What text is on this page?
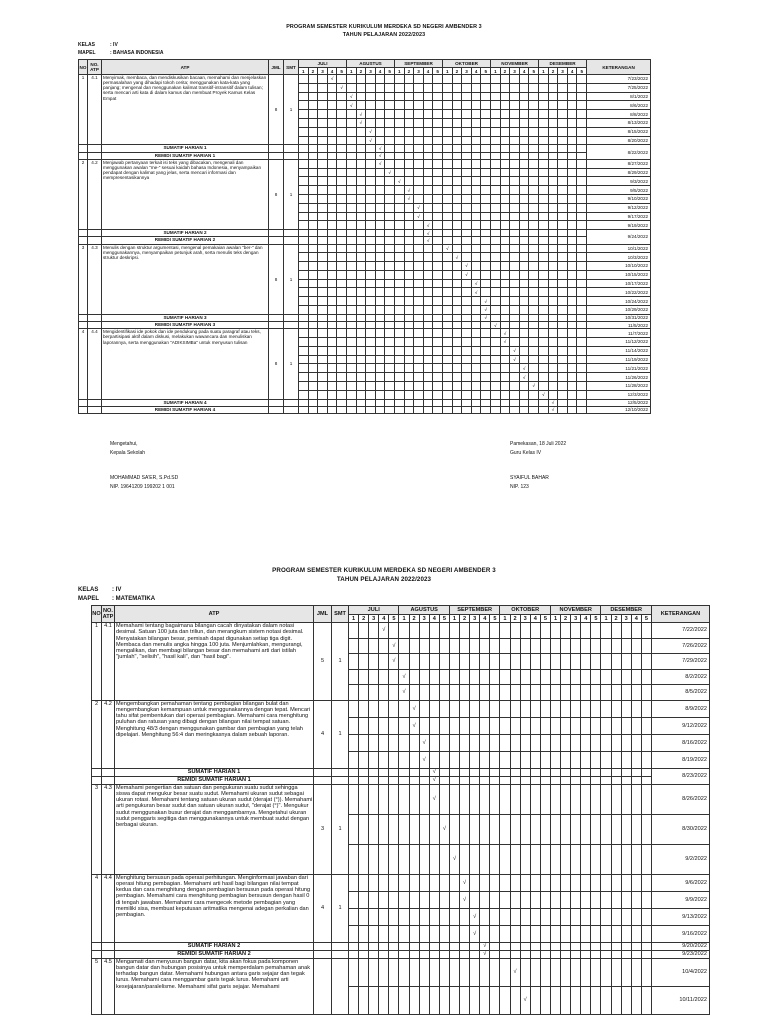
PROGRAM SEMESTER KURIKULUM MERDEKA SD NEGERI AMBENDER 3
TAHUN PELAJARAN 2022/2023
KELAS	: IV
MAPEL	: BAHASA INDONESIA
NO	NO. ATP	ATP	JML	SMT	JULI					AGUSTUS					SEPTEMBER					OKTOBER					NOVEMBER					DESEMBER					KETERANGAN
					1	2	3	4	5	1	2	3	4	5	1	2	3	4	5	1	2	3	4	5	1	2	3	4	5	1	2	3	4	5	
1	4.1	Menyimak, membaca, dan mendiskusikan bacaan, memahami dan menjelaskan permasalahan yang dihadapi tokoh cerita; menggunakan kata-kata yang panjang; mengenal dan menggunakan kalimat transitif-intransitif dalam tulisan; serta mencari arti kata di dalam kamus dan membuat Proyek Kamus Kelas Empat	8	1				√																											7/23/2022
									√																										7/25/2022
										√																									8/1/2022
										√																									8/6/2022
											√																								8/8/2022
											√																								8/13/2022
												√																							8/15/2022
												√																							8/20/2022
		SUMATIF HARIAN 1											√																						8/22/2022
		REMIDI SUMATIF HARIAN 1											√																						
2	4.2	Menjawab pertanyaan terkait isi teks yang dibacakan, mengenali dan menggunakan awalan "me-" sesuai kaidah bahasa Indonesia, menyampaikan pendapat dengan kalimat yang jelas, serta mencari informasi dan mempresentasikannya	8	1									√																						8/27/2022
														√																					8/29/2022
															√																				9/3/2022
																√																			9/5/2022
																√																			9/10/2022
																	√																		9/12/2022
																	√																		9/17/2022
																		√																	9/19/2022
		SUMATIF HARIAN 2																√																	9/24/2022
		REMIDI SUMATIF HARIAN 2																√																	
3	4.3	Menulis dengan struktur argumentasi, mengenal pemakaian awalan "ber-" dan menggunakannya, menyampaikan petunjuk arah, serta menulis teks dengan struktur deskripsi.	8	1																√															10/1/2022
																					√														10/3/2022
																						√													10/10/2022
																						√													10/15/2022
																							√												10/17/2022
																							√												10/22/2022
																								√											10/24/2022
																								√											10/29/2022
		SUMATIF HARIAN 3																						√											10/31/2022
		REMIDI SUMATIF HARIAN 3																							√										11/5/2022
4	4.4	Mengidentifikasi ide pokok dan ide pendukung pada suatu paragraf atau teks, berpartisipasi aktif dalam diskusi, melakukan wawancara dan menuliskan laporannya, serta menggunakan "ADIKSIMBa" untuk menyusun tulisan	8	1																						√									11/7/2022
																										√									11/12/2022
																											√								11/14/2022
																											√								11/19/2022
																												√							11/21/2022
																												√							11/26/2022
																													√						11/28/2022
																														√					12/3/2022
		SUMATIF HARIAN 4																													√				12/5/2022
		REMIDI SUMATIF HARIAN 4																													√				12/10/2022
Mengetahui,
Kepala Sekolah

MOHAMMAD SA'ER, S.Pd.SD
NIP. 19641209 199202 1 001
Pamekasan, 18 Juli 2022
Guru Kelas IV

SYAIFUL BAHAR
NIP. 123
PROGRAM SEMESTER KURIKULUM MERDEKA SD NEGERI AMBENDER 3
TAHUN PELAJARAN 2022/2023
KELAS : IV
MAPEL : MATEMATIKA
NO	NO. ATP	ATP	JML	SMT	JULI					AGUSTUS					SEPTEMBER					OKTOBER					NOVEMBER					DESEMBER					KETERANGAN
					1	2	3	4	5	1	2	3	4	5	1	2	3	4	5	1	2	3	4	5	1	2	3	4	5	1	2	3	4	5	
1	4.1	Memahami tentang bagaimana bilangan cacah dinyatakan dalam notasi desimal. Satuan 100 juta dan triliun, dan merangkum sistem notasi desimal. Menyatakan bilangan besar, pemisah dapat digunakan setiap tiga digit. Membaca dan menulis angka hingga 100 juta. Menjumlahkan, mengurangi, mengalikan, dan membagi bilangan besar dan memahami arti dari istilah "jumlah", "selisih", "hasil kali", dan "hasil bagi".	5	1				√																											7/22/2022
									√																										7/26/2022
									√																										7/29/2022
										√																									8/2/2022
										√																									8/5/2022
2	4.2	Mengembangkan pemahaman tentang pembagian bilangan bulat dan mengembangkan kemampuan untuk menggunakannya dengan tepat. Mencari tahu sifat pembentukan dari operasi pembagian. Memahami cara menghitung puluhan dan ratusan yang dibagi dengan bilangan nilai tempat satuan. Menghitung 48/3 dengan menggunakan gambar dan pembagian yang telah dipelajari. Menghitung 56:4 dan meringkasnya dalam sebuah laporan.	4	1							√																								8/9/2022
											√																								9/12/2022
												√																							8/16/2022
												√																							8/19/2022
		SUMATIF HARIAN 1											√																						8/23/2022
		REMIDI SUMATIF HARIAN 1											√																						
3	4.3	Memahami pengertian dan satuan dan pengukuran suatu sudut sehingga siswa dapat mengukur besar suatu sudut. Memahami ukuran sudut sebagai ukuran rotasi. Memahami tentang satuan ukuran sudut (derajat (°)). Memahami arti pengukuran besar sudut dan satuan ukuran sudut, "derajat (°)". Mengukur sudut menggunakan busur derajat dan menggambarnya. Mengetahui ukuran sudut penggaris segitiga dan menggunakannya untuk membuat sudut dengan berbagai ukuran.	3	1									√																						8/26/2022
														√																					8/30/2022
															√																				9/2/2022
4	4.4	Menghitung bersusun pada operasi perhitungan. Menginformasi jawaban dari operasi hitung pembagian. Memahami arti hasil bagi bilangan nilai tempat kedua dan cara menghitung dengan pembagian bersusun pada operasi hitung pembagian. Memahami cara menghitung pembagian bersusun dengan hasil 0 di tengah jawaban. Memahami cara mengecek metode pembagian yang memiliki sisa, membuat keputusan aritmatika mengenai adegan perkalian dan pembagian.	4	1												√																			9/6/2022
																√																			9/9/2022
																	√																		9/13/2022
																	√																		9/16/2022
		SUMATIF HARIAN 2																√																	9/20/2022
		REMIDI SUMATIF HARIAN 2																√																	9/23/2022
5	4.5	Mengamati dan menyusun bangun datar, kita akan fokus pada komponen bangun datar dan hubungan posisinya untuk memperdalam pemahaman anak terhadap bangun datar. Memahami hubungan antara garis sejajar dan tegak lurus. Memahami cara menggambar garis tegak lurus. Memahami arti kesejajaran/paralelisme. Memahami sifat garis sejajar. Memahami																			√														10/4/2022
																						√													10/11/2022
